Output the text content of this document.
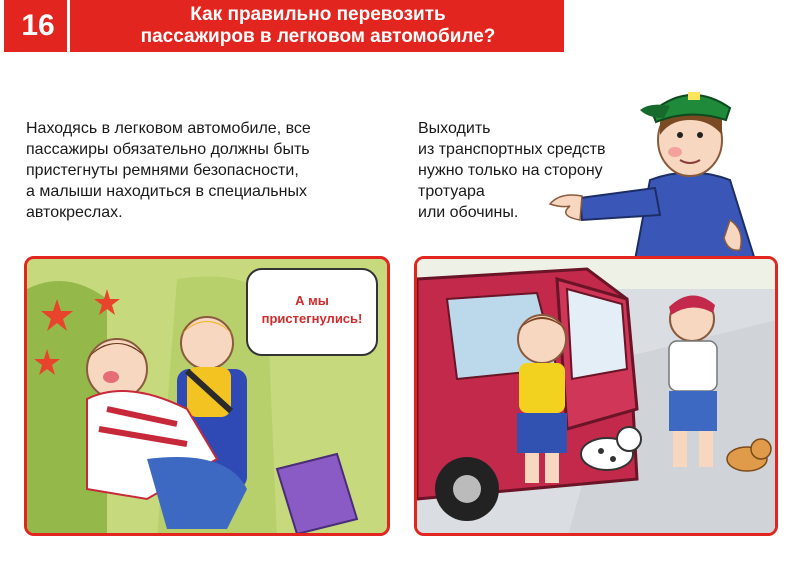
16	Как правильно перевозить
пассажиров в легковом автомобиле?
Находясь в легковом автомобиле, все
пассажиры обязательно должны быть
пристегнуты ремнями безопасности,
а малыши находиться в специальных
автокреслах.
Выходить
из транспортных средств
нужно только на сторону
тротуара
или обочины.
А мы
пристегнулись!
